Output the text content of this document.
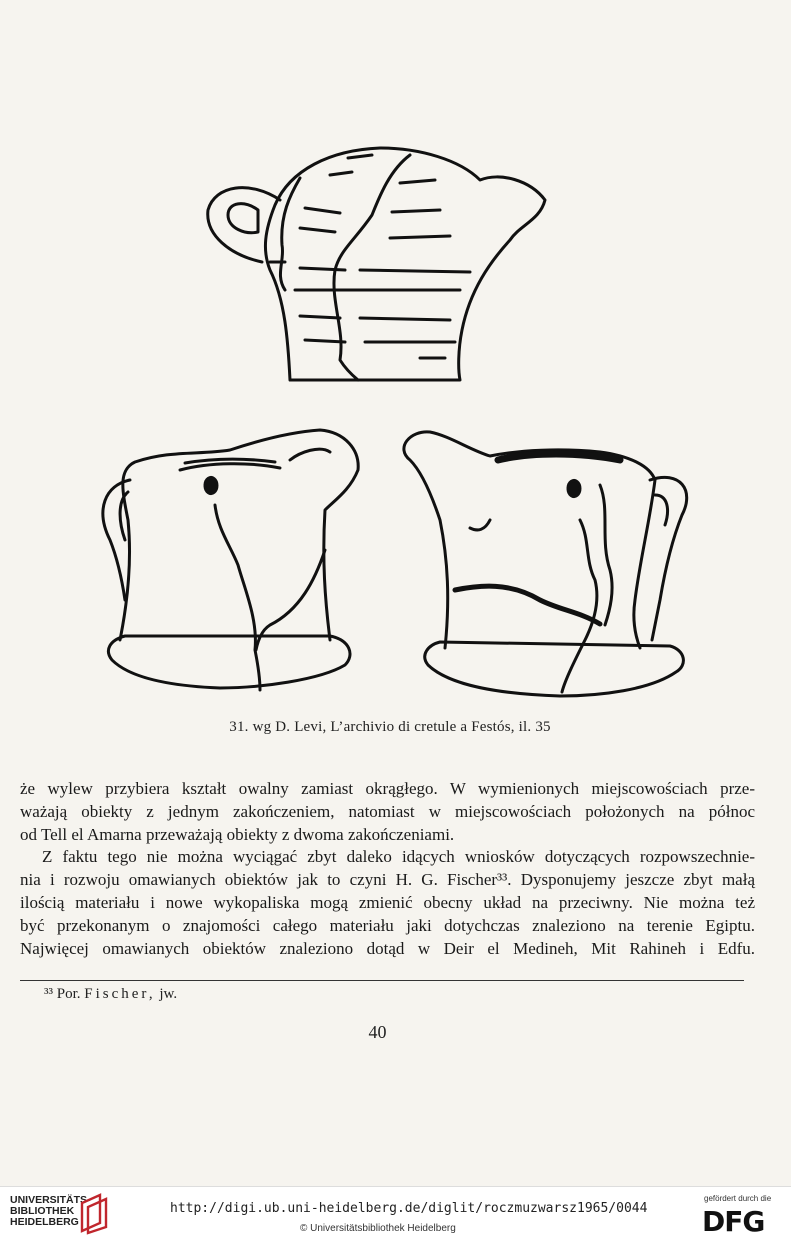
31. wg D. Levi, L’archivio di cretule a Festós, il. 35

że wylew przybiera kształt owalny zamiast okrągłego. W wymienionych miejscowościach prze-

ważają obiekty z jednym zakończeniem, natomiast w miejscowościach położonych na północ

od Tell el Amarna przeważają obiekty z dwoma zakończeniami.

Z faktu tego nie można wyciągać zbyt daleko idących wniosków dotyczących rozpowszechnie-

nia i rozwoju omawianych obiektów jak to czyni H. G. Fischer³³. Dysponujemy jeszcze zbyt małą

ilością materiału i nowe wykopaliska mogą zmienić obecny układ na przeciwny. Nie można też

być przekonanym o znajomości całego materiału jaki dotychczas znaleziono na terenie Egiptu.

Najwięcej omawianych obiektów znaleziono dotąd w Deir el Medineh, Mit Rahineh i Edfu.

³³ Por. Fischer, jw.
40
UNIVERSITÄTS-
BIBLIOTHEK
HEIDELBERG
http://digi.ub.uni-heidelberg.de/diglit/roczmuzwarsz1965/0044
© Universitätsbibliothek Heidelberg
gefördert durch die
DFG
